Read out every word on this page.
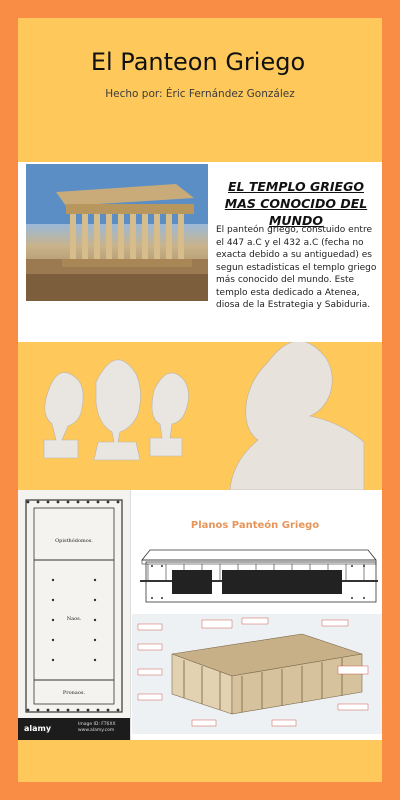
El Panteon Griego
Hecho por: Éric Fernández González
EL TEMPLO GRIEGO MAS CONOCIDO DEL MUNDO
El panteón griego, constuido entre el 447 a.C y el 432 a.C (fecha no exacta debido a su antiguedad) es segun estadisticas el templo griego más conocido del mundo. Este templo esta dedicado a Atenea, diosa de la Estrategia y Sabiduria.
Opisthódomos.
Naos.
Pronaos.
alamy	Image ID: FT6XX www.alamy.com
Planos Panteón Griego
